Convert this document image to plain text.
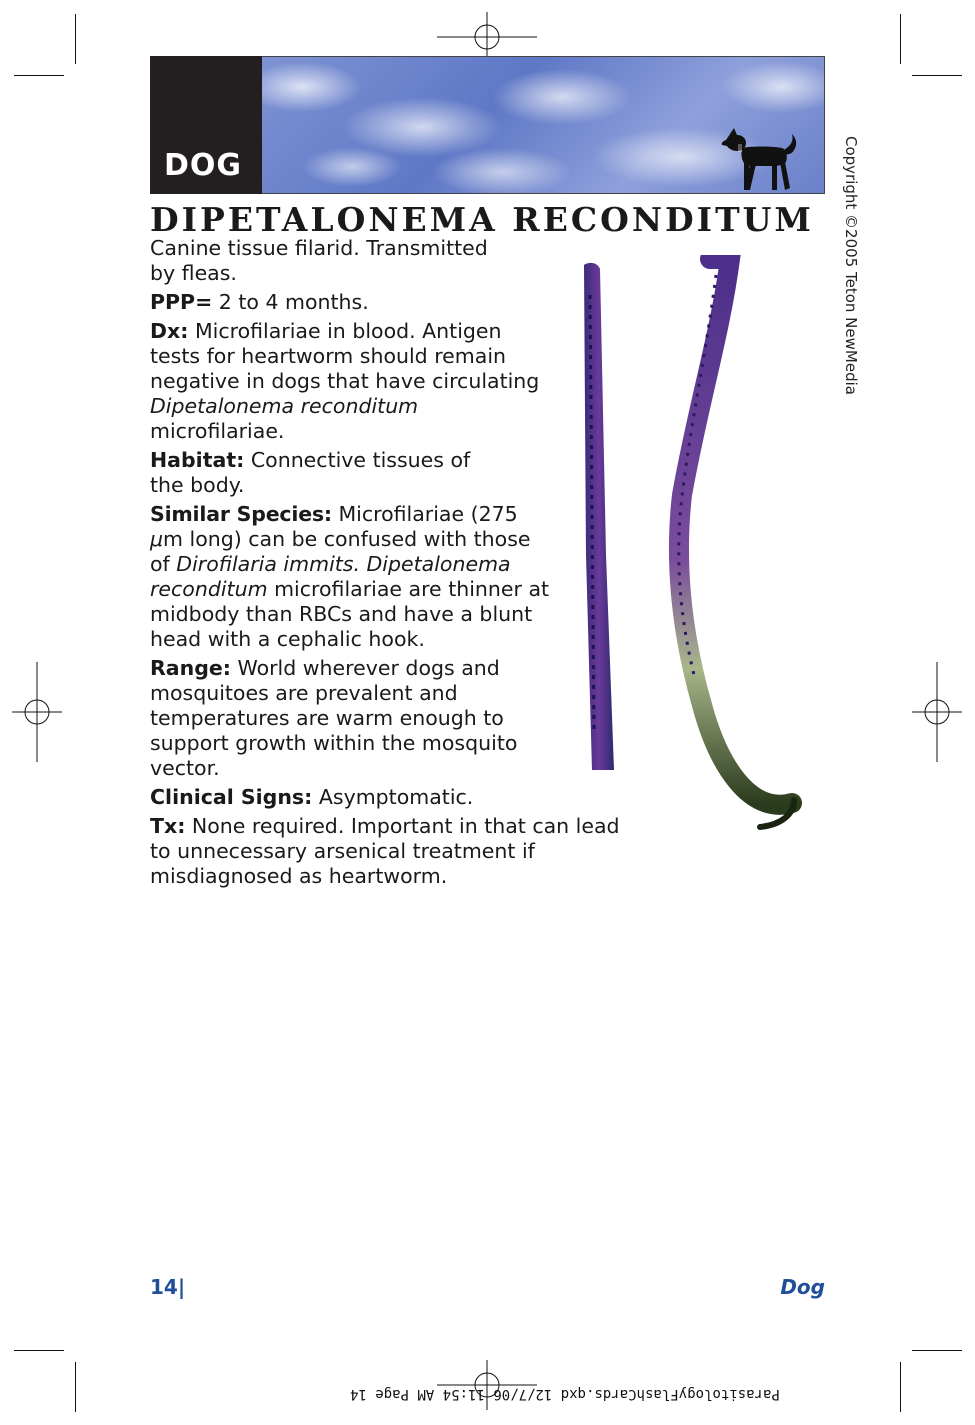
DOG
DIPETALONEMA RECONDITUM	Copyright ©2005 Teton NewMedia

Canine tissue filarid. Transmitted by fleas.

PPP= 2 to 4 months.

Dx: Microfilariae in blood. Antigen tests for heartworm should remain negative in dogs that have circulating Dipetalonema reconditum microfilariae.

Habitat: Connective tissues of the body.

Similar Species: Microfilariae (275 μm long) can be confused with those of Dirofilaria immits. Dipetalonema reconditum microfilariae are thinner at midbody than RBCs and have a blunt head with a cephalic hook.

Range: World wherever dogs and mosquitoes are prevalent and temperatures are warm enough to support growth within the mosquito vector.

Clinical Signs: Asymptomatic.

Tx: None required. Important in that can lead to unnecessary arsenical treatment if misdiagnosed as heartworm.

14|	Dog
ParasitologyFlashCards.qxd 12/7/06 11:54 AM Page 14
